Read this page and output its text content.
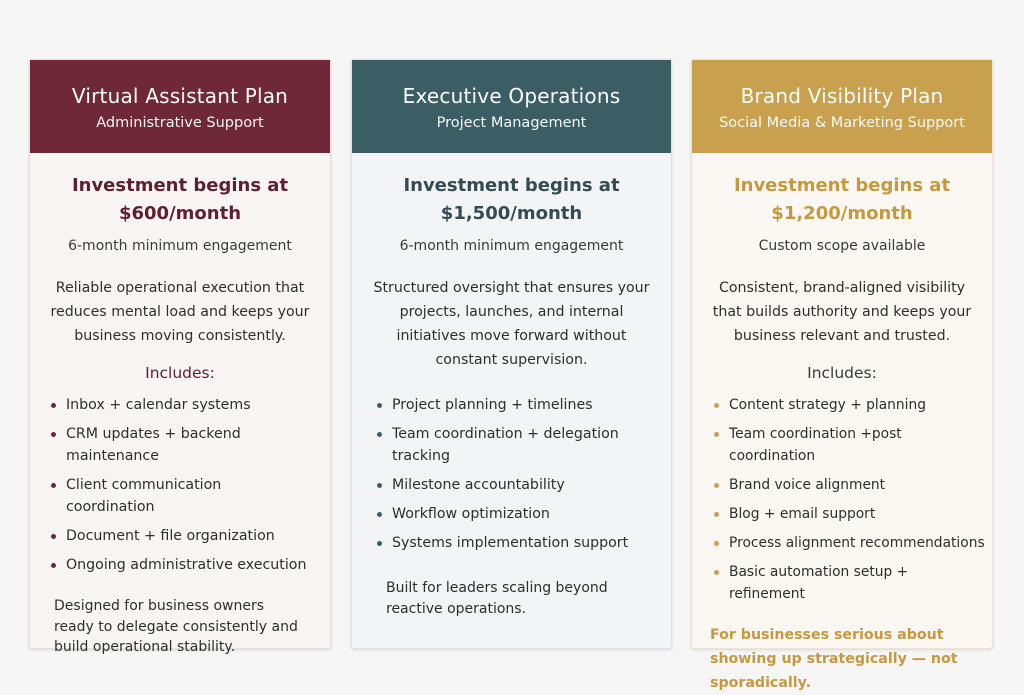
Virtual Assistant Plan
Administrative Support
Investment begins at
$600/month
6-month minimum engagement
Reliable operational execution that reduces mental load and keeps your business moving consistently.
Includes:
Inbox + calendar systems
CRM updates + backend maintenance
Client communication coordination
Document + file organization
Ongoing administrative execution
Designed for business owners ready to delegate consistently and build operational stability.
Executive Operations
Project Management
Investment begins at
$1,500/month
6-month minimum engagement
Structured oversight that ensures your projects, launches, and internal initiatives move forward without constant supervision.
Project planning + timelines
Team coordination + delegation tracking
Milestone accountability
Workflow optimization
Systems implementation support
Built for leaders scaling beyond reactive operations.
Brand Visibility Plan
Social Media & Marketing Support
Investment begins at
$1,200/month
Custom scope available
Consistent, brand-aligned visibility that builds authority and keeps your business relevant and trusted.
Includes:
Content strategy + planning
Team coordination +post coordination
Brand voice alignment
Blog + email support
Process alignment recommendations
Basic automation setup + refinement
For businesses serious about showing up strategically — not sporadically.
